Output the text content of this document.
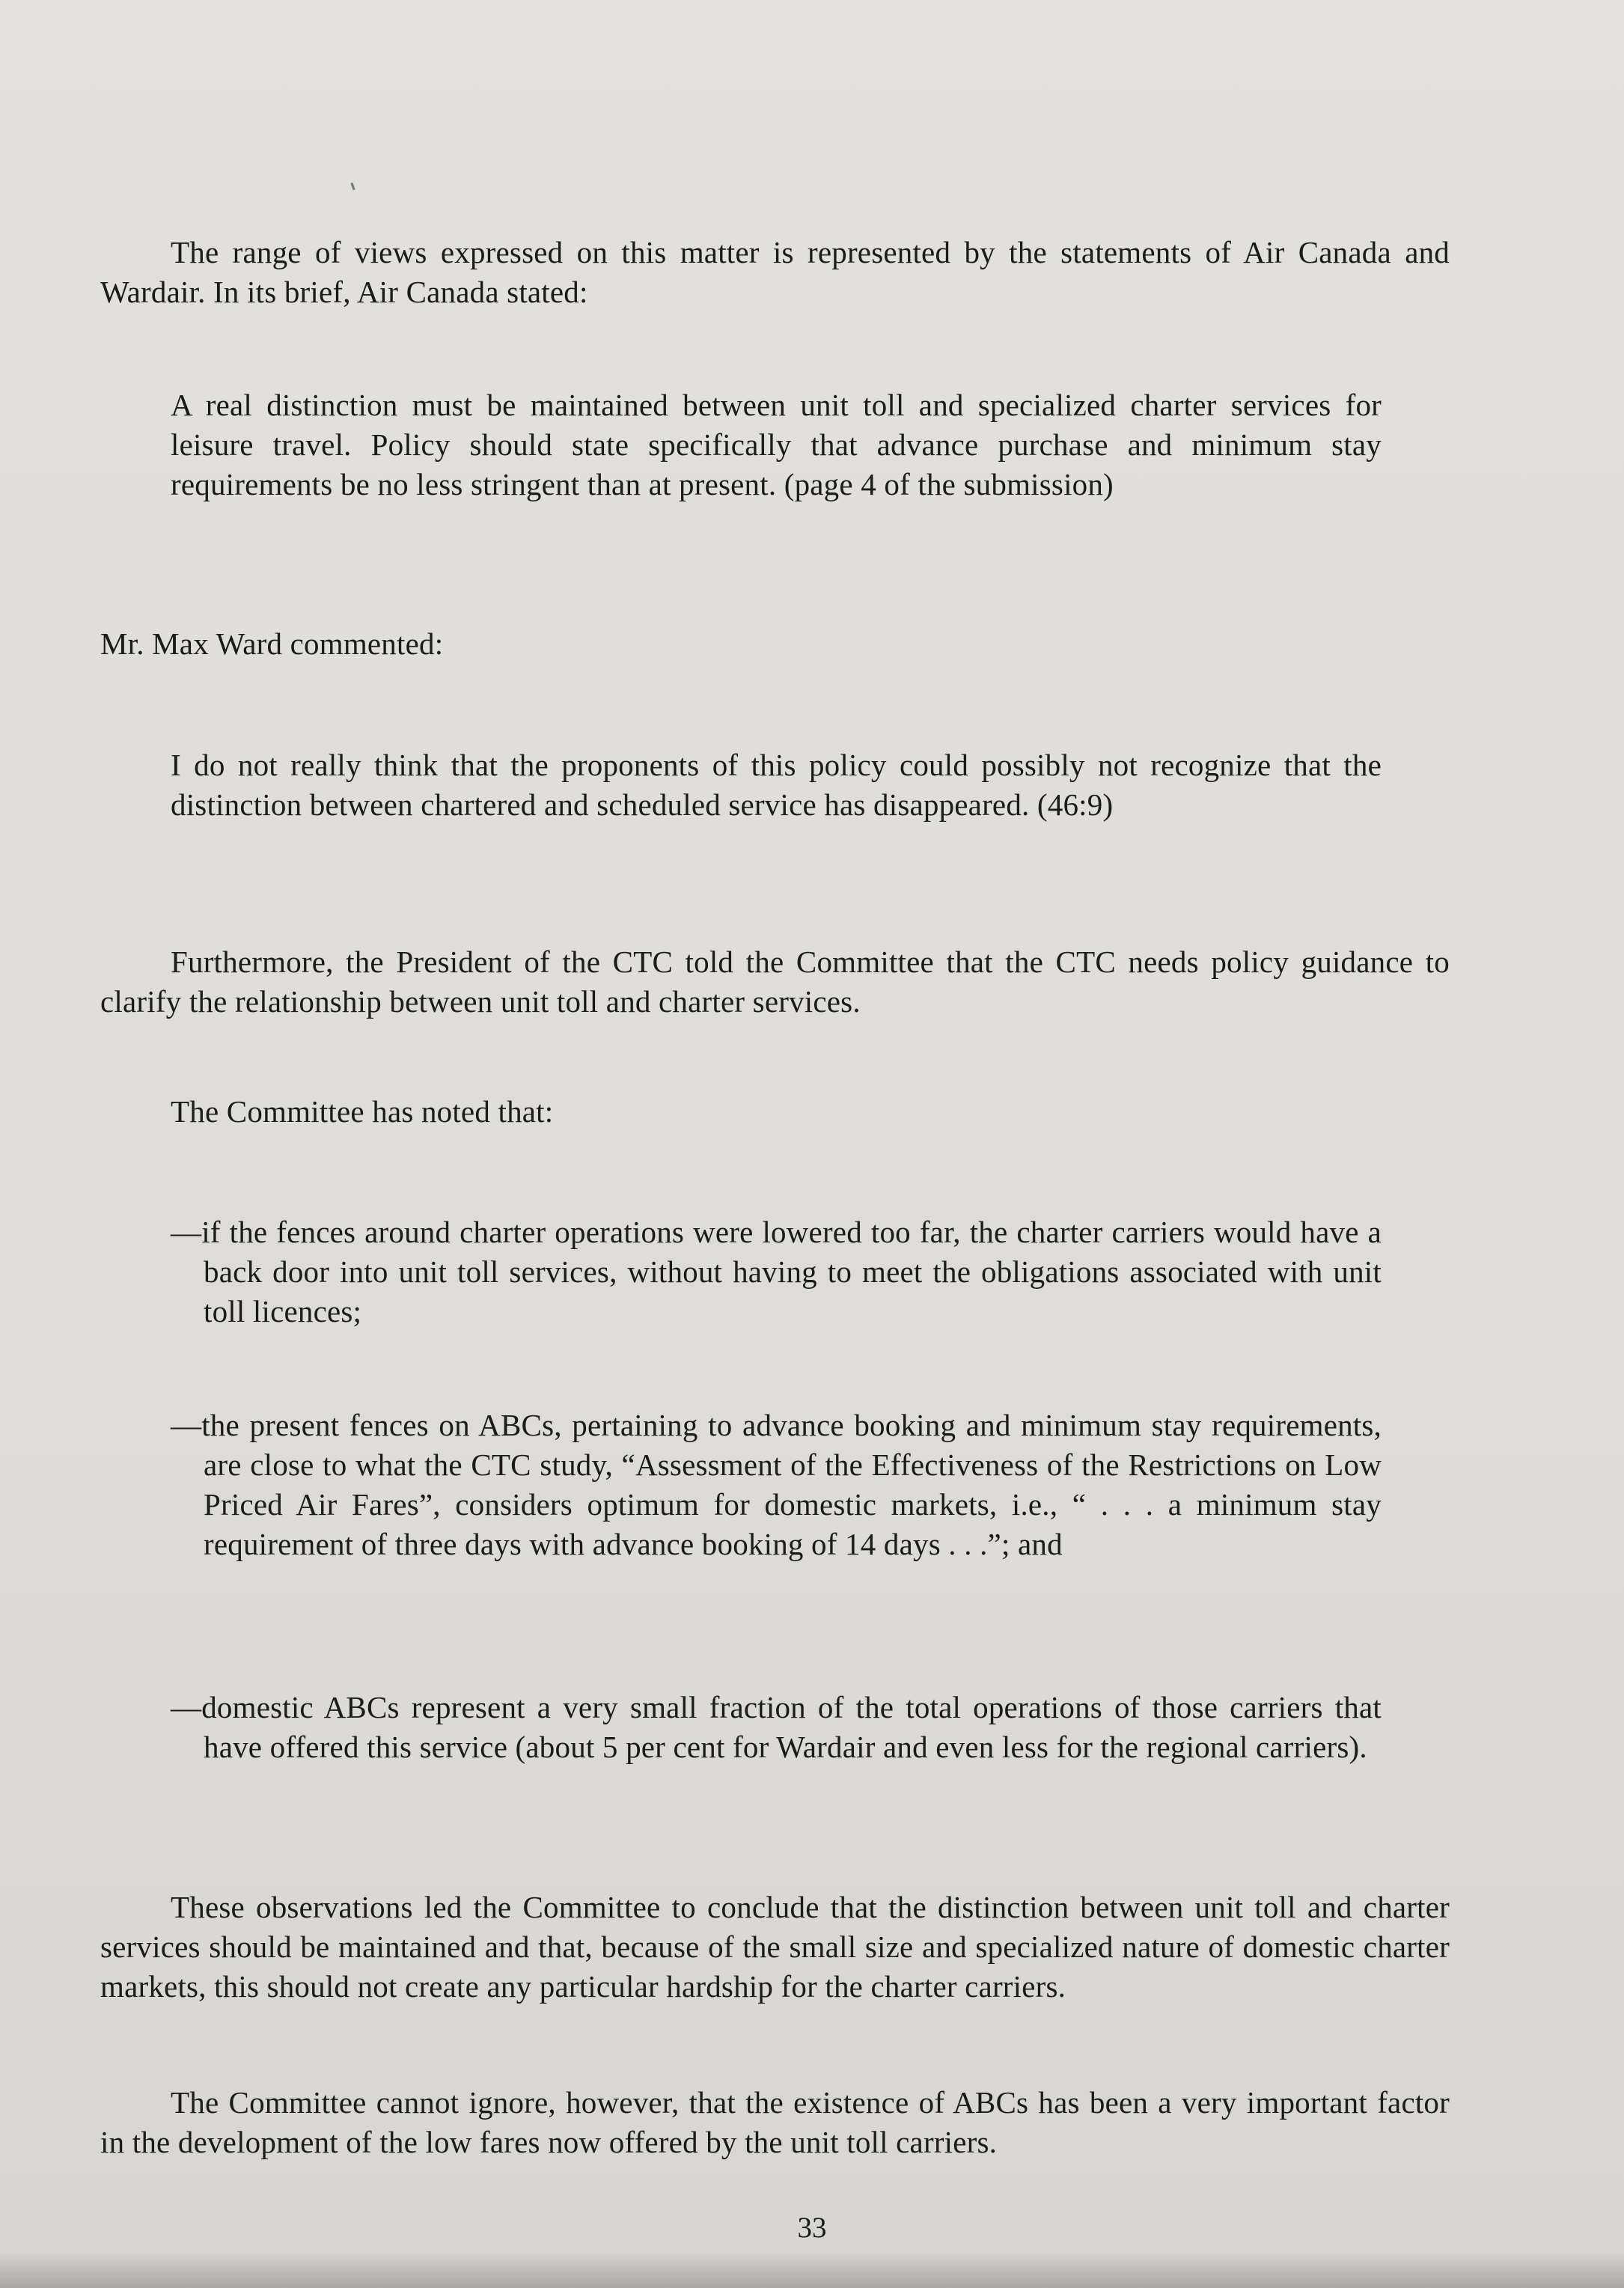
The range of views expressed on this matter is represented by the statements of Air Canada and Wardair. In its brief, Air Canada stated:

A real distinction must be maintained between unit toll and specialized charter services for leisure travel. Policy should state specifically that advance purchase and minimum stay requirements be no less stringent than at present. (page 4 of the submission)

Mr. Max Ward commented:

I do not really think that the proponents of this policy could possibly not recognize that the distinction between chartered and scheduled service has disappeared. (46:9)

Furthermore, the President of the CTC told the Committee that the CTC needs policy guidance to clarify the relationship between unit toll and charter services.

The Committee has noted that:

—if the fences around charter operations were lowered too far, the charter carriers would have a back door into unit toll services, without having to meet the obligations associated with unit toll licences;

—the present fences on ABCs, pertaining to advance booking and minimum stay requirements, are close to what the CTC study, “Assessment of the Effectiveness of the Restrictions on Low Priced Air Fares”, considers optimum for domestic markets, i.e., “ . . . a minimum stay requirement of three days with advance booking of 14 days . . .”; and

—domestic ABCs represent a very small fraction of the total operations of those carriers that have offered this service (about 5 per cent for Wardair and even less for the regional carriers).

These observations led the Committee to conclude that the distinction between unit toll and charter services should be maintained and that, because of the small size and specialized nature of domestic charter markets, this should not create any particular hardship for the charter carriers.

The Committee cannot ignore, however, that the existence of ABCs has been a very important factor in the development of the low fares now offered by the unit toll carriers.

33
